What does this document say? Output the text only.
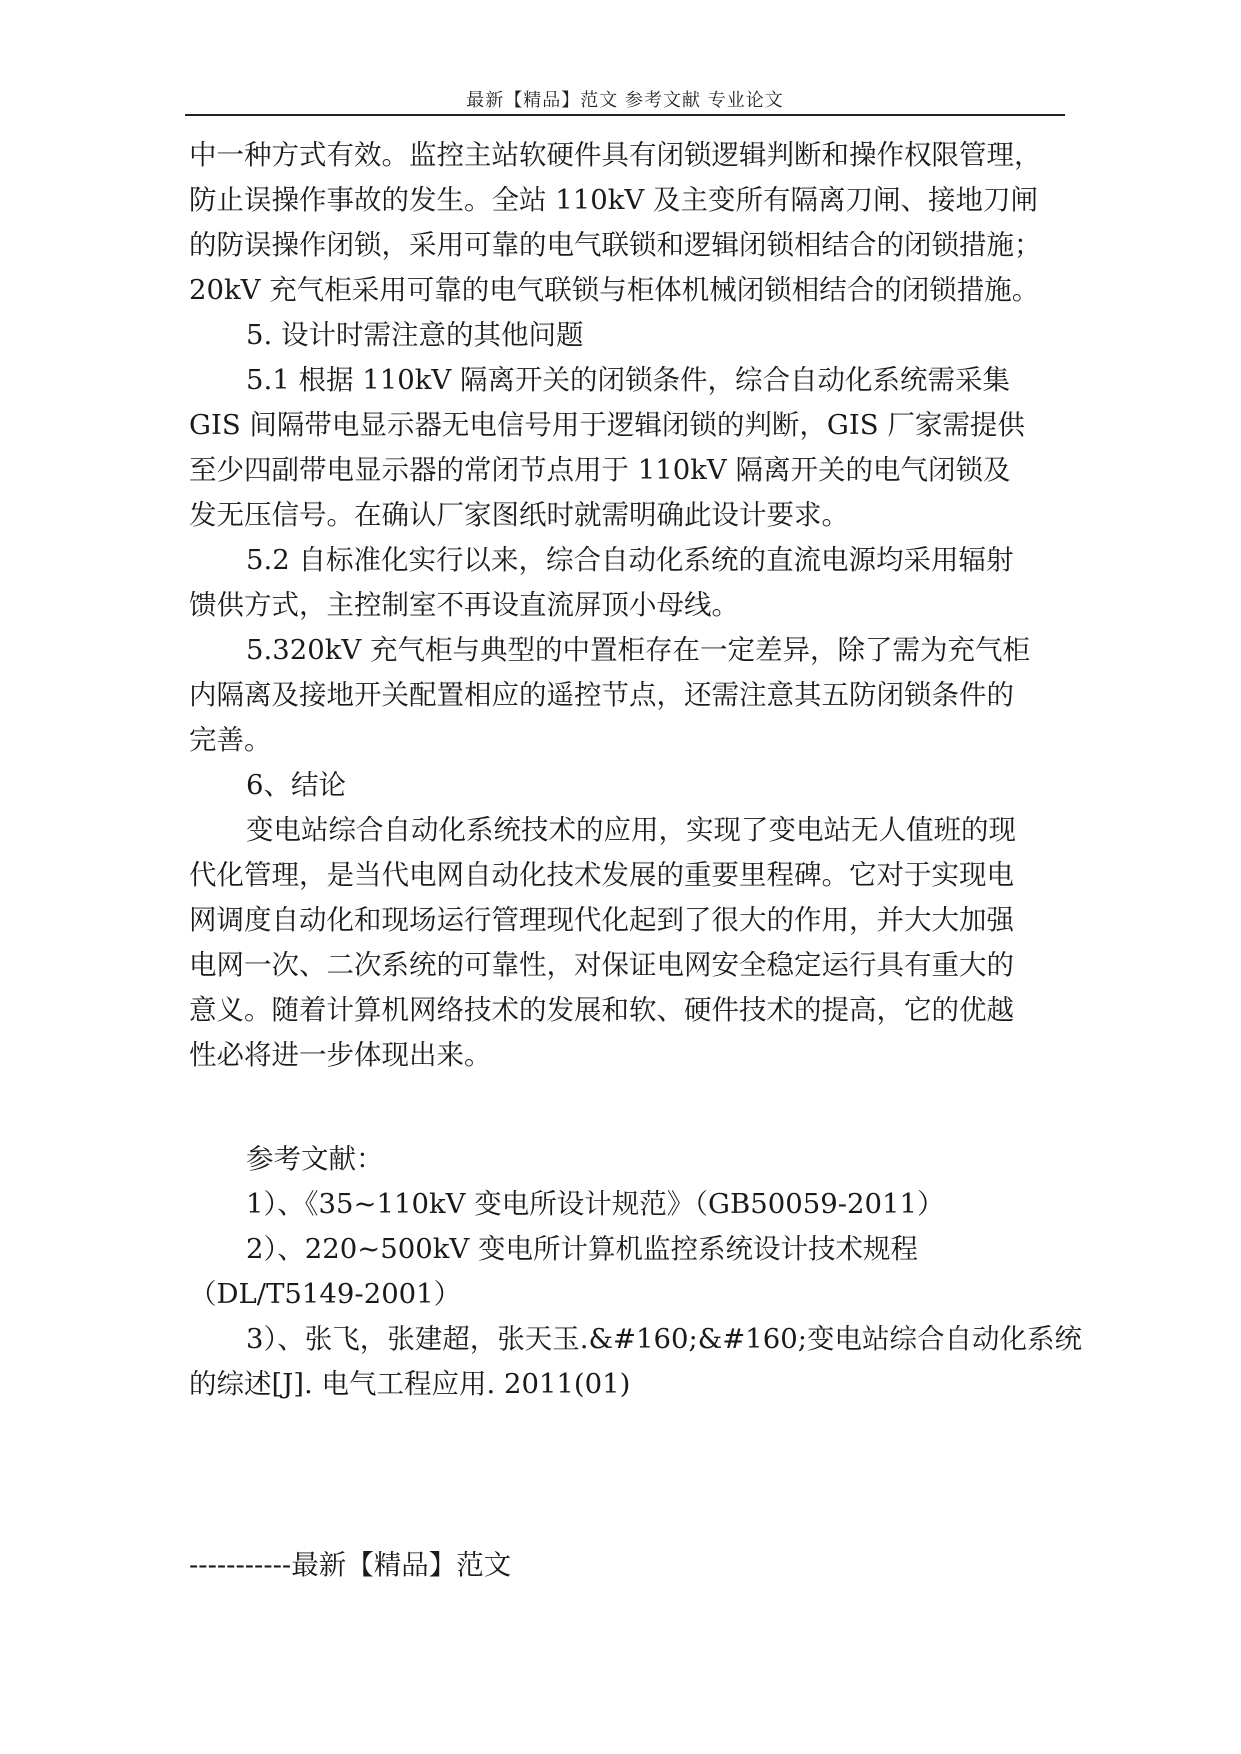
最新【精品】范文 参考文献 专业论文
中一种方式有效。监控主站软硬件具有闭锁逻辑判断和操作权限管理，
防止误操作事故的发生。全站 110kV 及主变所有隔离刀闸、接地刀闸
的防误操作闭锁，采用可靠的电气联锁和逻辑闭锁相结合的闭锁措施；
20kV 充气柜采用可靠的电气联锁与柜体机械闭锁相结合的闭锁措施。
5. 设计时需注意的其他问题
5.1 根据 110kV 隔离开关的闭锁条件，综合自动化系统需采集
GIS 间隔带电显示器无电信号用于逻辑闭锁的判断，GIS 厂家需提供
至少四副带电显示器的常闭节点用于 110kV 隔离开关的电气闭锁及
发无压信号。在确认厂家图纸时就需明确此设计要求。
5.2 自标准化实行以来，综合自动化系统的直流电源均采用辐射
馈供方式，主控制室不再设直流屏顶小母线。
5.320kV 充气柜与典型的中置柜存在一定差异，除了需为充气柜
内隔离及接地开关配置相应的遥控节点，还需注意其五防闭锁条件的
完善。
6、结论
变电站综合自动化系统技术的应用，实现了变电站无人值班的现
代化管理，是当代电网自动化技术发展的重要里程碑。它对于实现电
网调度自动化和现场运行管理现代化起到了很大的作用，并大大加强
电网一次、二次系统的可靠性，对保证电网安全稳定运行具有重大的
意义。随着计算机网络技术的发展和软、硬件技术的提高，它的优越
性必将进一步体现出来。
参考文献：
1）、《35~110kV 变电所设计规范》（GB50059-2011）
2）、220~500kV 变电所计算机监控系统设计技术规程
（DL/T5149-2001）
3）、张飞，张建超，张天玉.&#160;&#160;变电站综合自动化系统
的综述[J]. 电气工程应用. 2011(01)
-----------最新【精品】范文
